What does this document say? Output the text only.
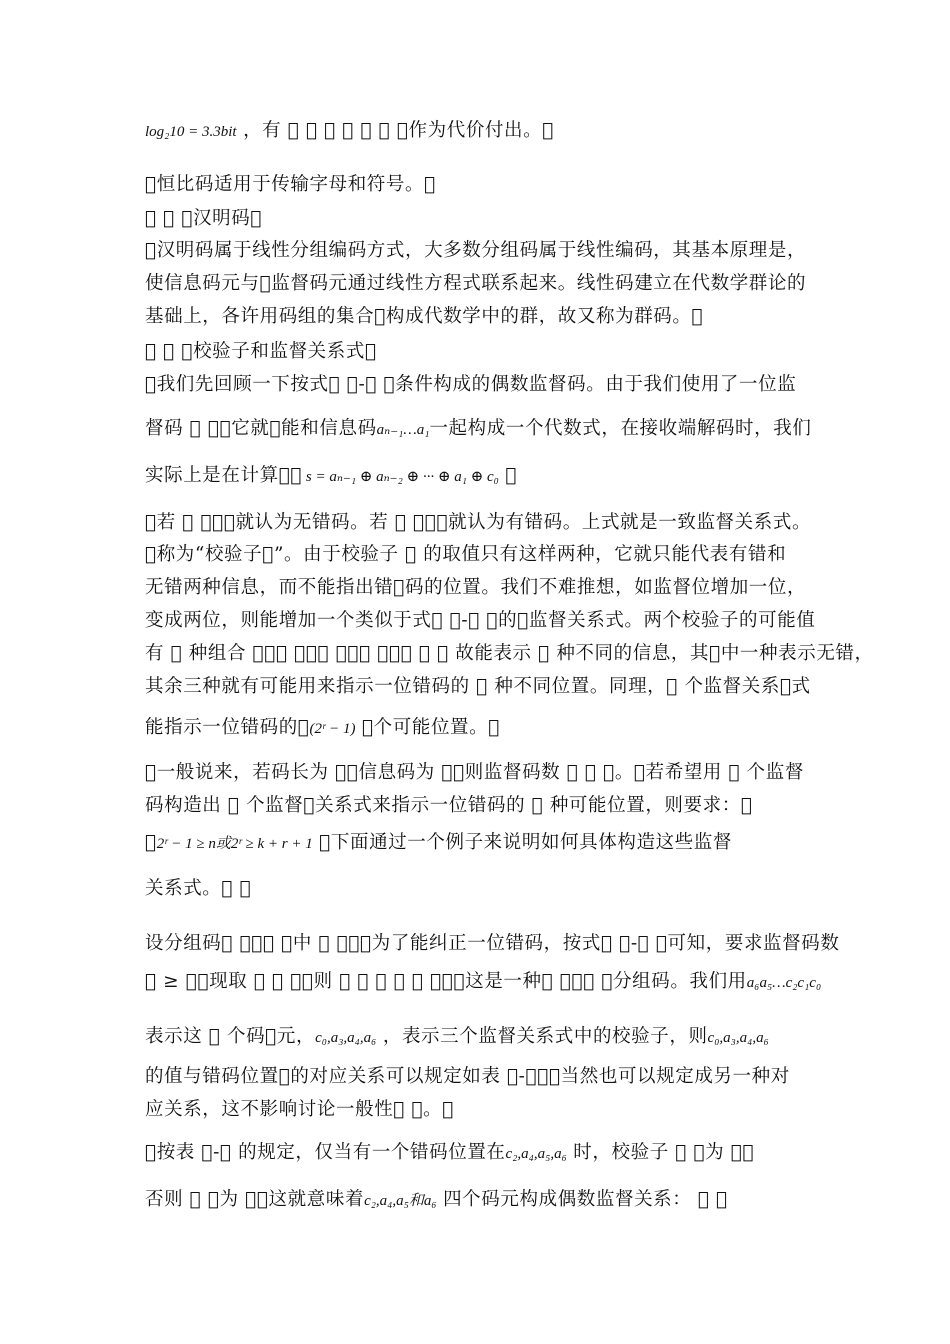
log₂10 = 3.3bit ，有 ￿ ￿ ￿ ￿ ￿ ￿ ￿作为代价付出。￿
￿恒比码适用于传输字母和符号。￿
￿ ￿ ￿汉明码￿
￿汉明码属于线性分组编码方式，大多数分组码属于线性编码，其基本原理是，
使信息码元与￿监督码元通过线性方程式联系起来。线性码建立在代数学群论的
基础上，各许用码组的集合￿构成代数学中的群，故又称为群码。￿
￿ ￿ ￿校验子和监督关系式￿
￿我们先回顾一下按式￿ ￿-￿ ￿条件构成的偶数监督码。由于我们使用了一位监
督码 ￿ ￿，它就￿能和信息码aₙ₋₁…a₁一起构成一个代数式，在接收端解码时，我们
实际上是在计算￿， s = aₙ₋₁ ⊕ aₙ₋₂ ⊕ ··· ⊕ a₁ ⊕ c₀ ￿
￿若 ￿ ￿，￿就认为无错码。若 ￿ ￿，￿就认为有错码。上式就是一致监督关系式。
￿称为“校验子￿”。由于校验子 ￿ 的取值只有这样两种，它就只能代表有错和
无错两种信息，而不能指出错￿码的位置。我们不难推想，如监督位增加一位，
变成两位，则能增加一个类似于式￿ ￿-￿ ￿的￿监督关系式。两个校验子的可能值
有 ￿ 种组合 ￿，￿ ￿，￿ ￿，￿ ￿，￿ ￿ ￿ 故能表示 ￿ 种不同的信息，其￿中一种表示无错，
其余三种就有可能用来指示一位错码的 ￿ 种不同位置。同理，￿ 个监督关系￿式
能指示一位错码的￿(2ʳ − 1) ￿个可能位置。￿
￿一般说来，若码长为 ￿，信息码为 ￿，则监督码数 ￿ ￿ ￿。￿若希望用 ￿ 个监督
码构造出 ￿ 个监督￿关系式来指示一位错码的 ￿ 种可能位置，则要求：￿
￿2ʳ − 1 ≥ n或2ʳ ≥ k + r + 1 ￿下面通过一个例子来说明如何具体构造这些监督
关系式。￿ ￿
设分组码￿ ￿，￿ ￿中 ￿ ￿，￿为了能纠正一位错码，按式￿ ￿-￿ ￿可知，要求监督码数
￿ ≥ ￿，现取 ￿ ￿ ￿，则 ￿ ￿ ￿ ￿ ￿ ￿，￿这是一种￿ ￿，￿ ￿分组码。我们用a₆a₅…c₂c₁c₀
表示这 ￿ 个码￿元，c₀,a₃,a₄,a₆ ，表示三个监督关系式中的校验子，则c₀,a₃,a₄,a₆
的值与错码位置￿的对应关系可以规定如表 ￿-￿，￿当然也可以规定成另一种对
应关系，这不影响讨论一般性￿ ￿。￿
￿按表 ￿-￿ 的规定，仅当有一个错码位置在c₂,a₄,a₅,a₆ 时，校验子 ￿ ￿为 ￿，
否则 ￿ ￿为 ￿，这就意味着c₂,a₄,a₅和a₆ 四个码元构成偶数监督关系： ￿ ￿
